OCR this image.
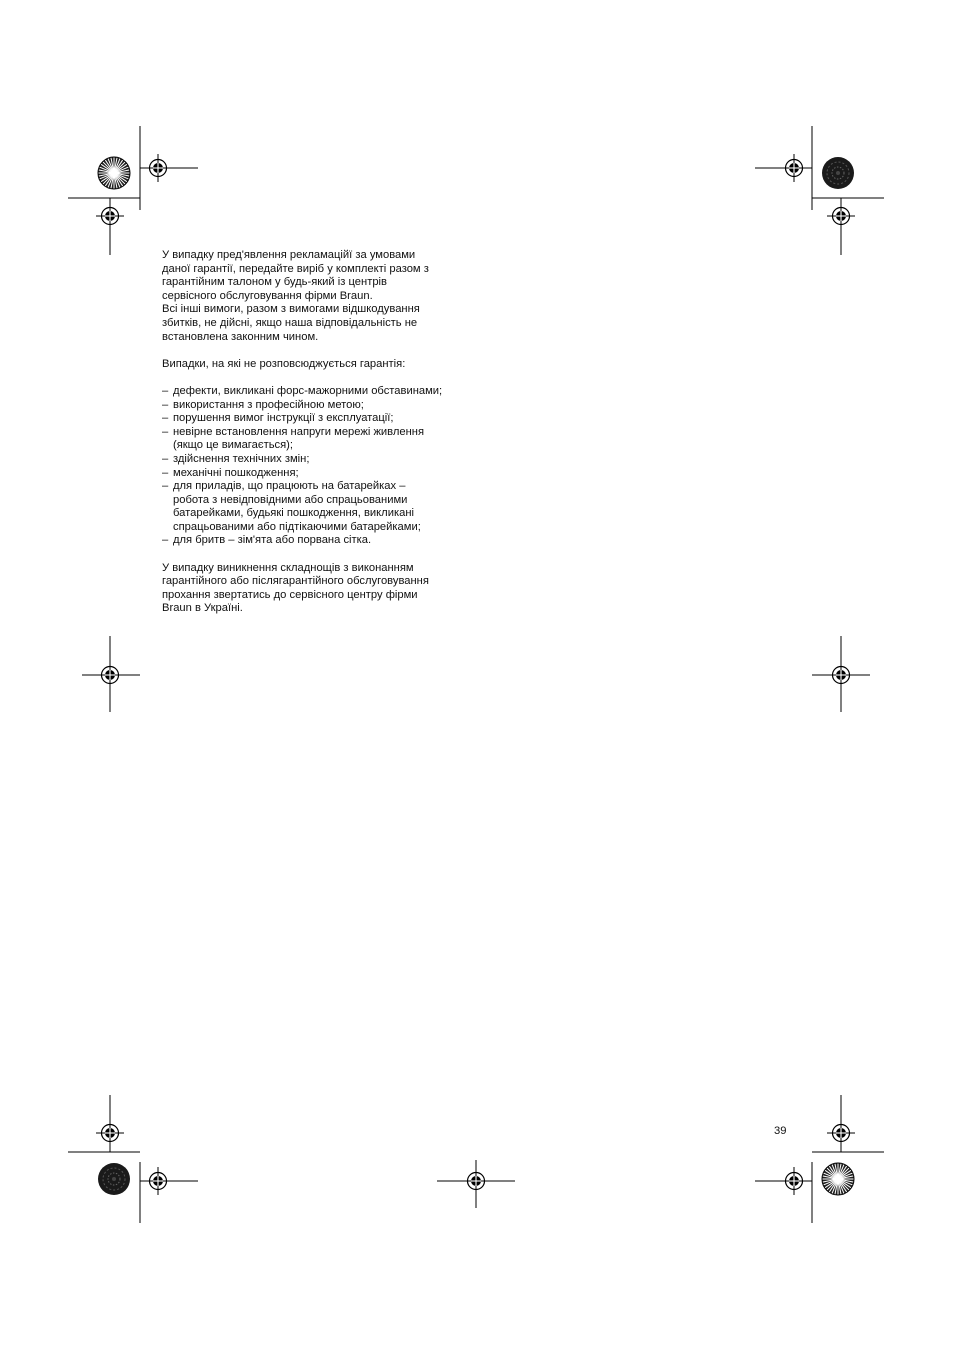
У випадку пред'явлення рекламаційї за умовами
даної гарантії, передайте виріб у комплекті разом з
гарантійним талоном у будь-який із центрів
сервісного обслуговування фірми Braun.
Всі інші вимоги, разом з вимогами відшкодування
збитків, не дійсні, якщо наша відповідальність не
встановлена законним чином.

Випадки, на які не розповсюджується гарантія:

– дефекти, викликані форс-мажорними обставинами;
– використання з професійною метою;
– порушення вимог інструкції з експлуатації;
– невірне встановлення напруги мережі живлення
(якщо це вимагається);
– здійснення технічних змін;
– механічні пошкодження;
– для приладів, що працюють на батарейках –
робота з невідповідними або спрацьованими
батарейками, будьякі пошкодження, викликані
спрацьованими або підтікаючими батарейками;
– для бритв – зім'ята або порвана сітка.

У випадку виникнення складнощів з виконанням
гарантійного або післягарантійного обслуговування
прохання звертатись до сервісного центру фірми
Braun в Україні.

39
